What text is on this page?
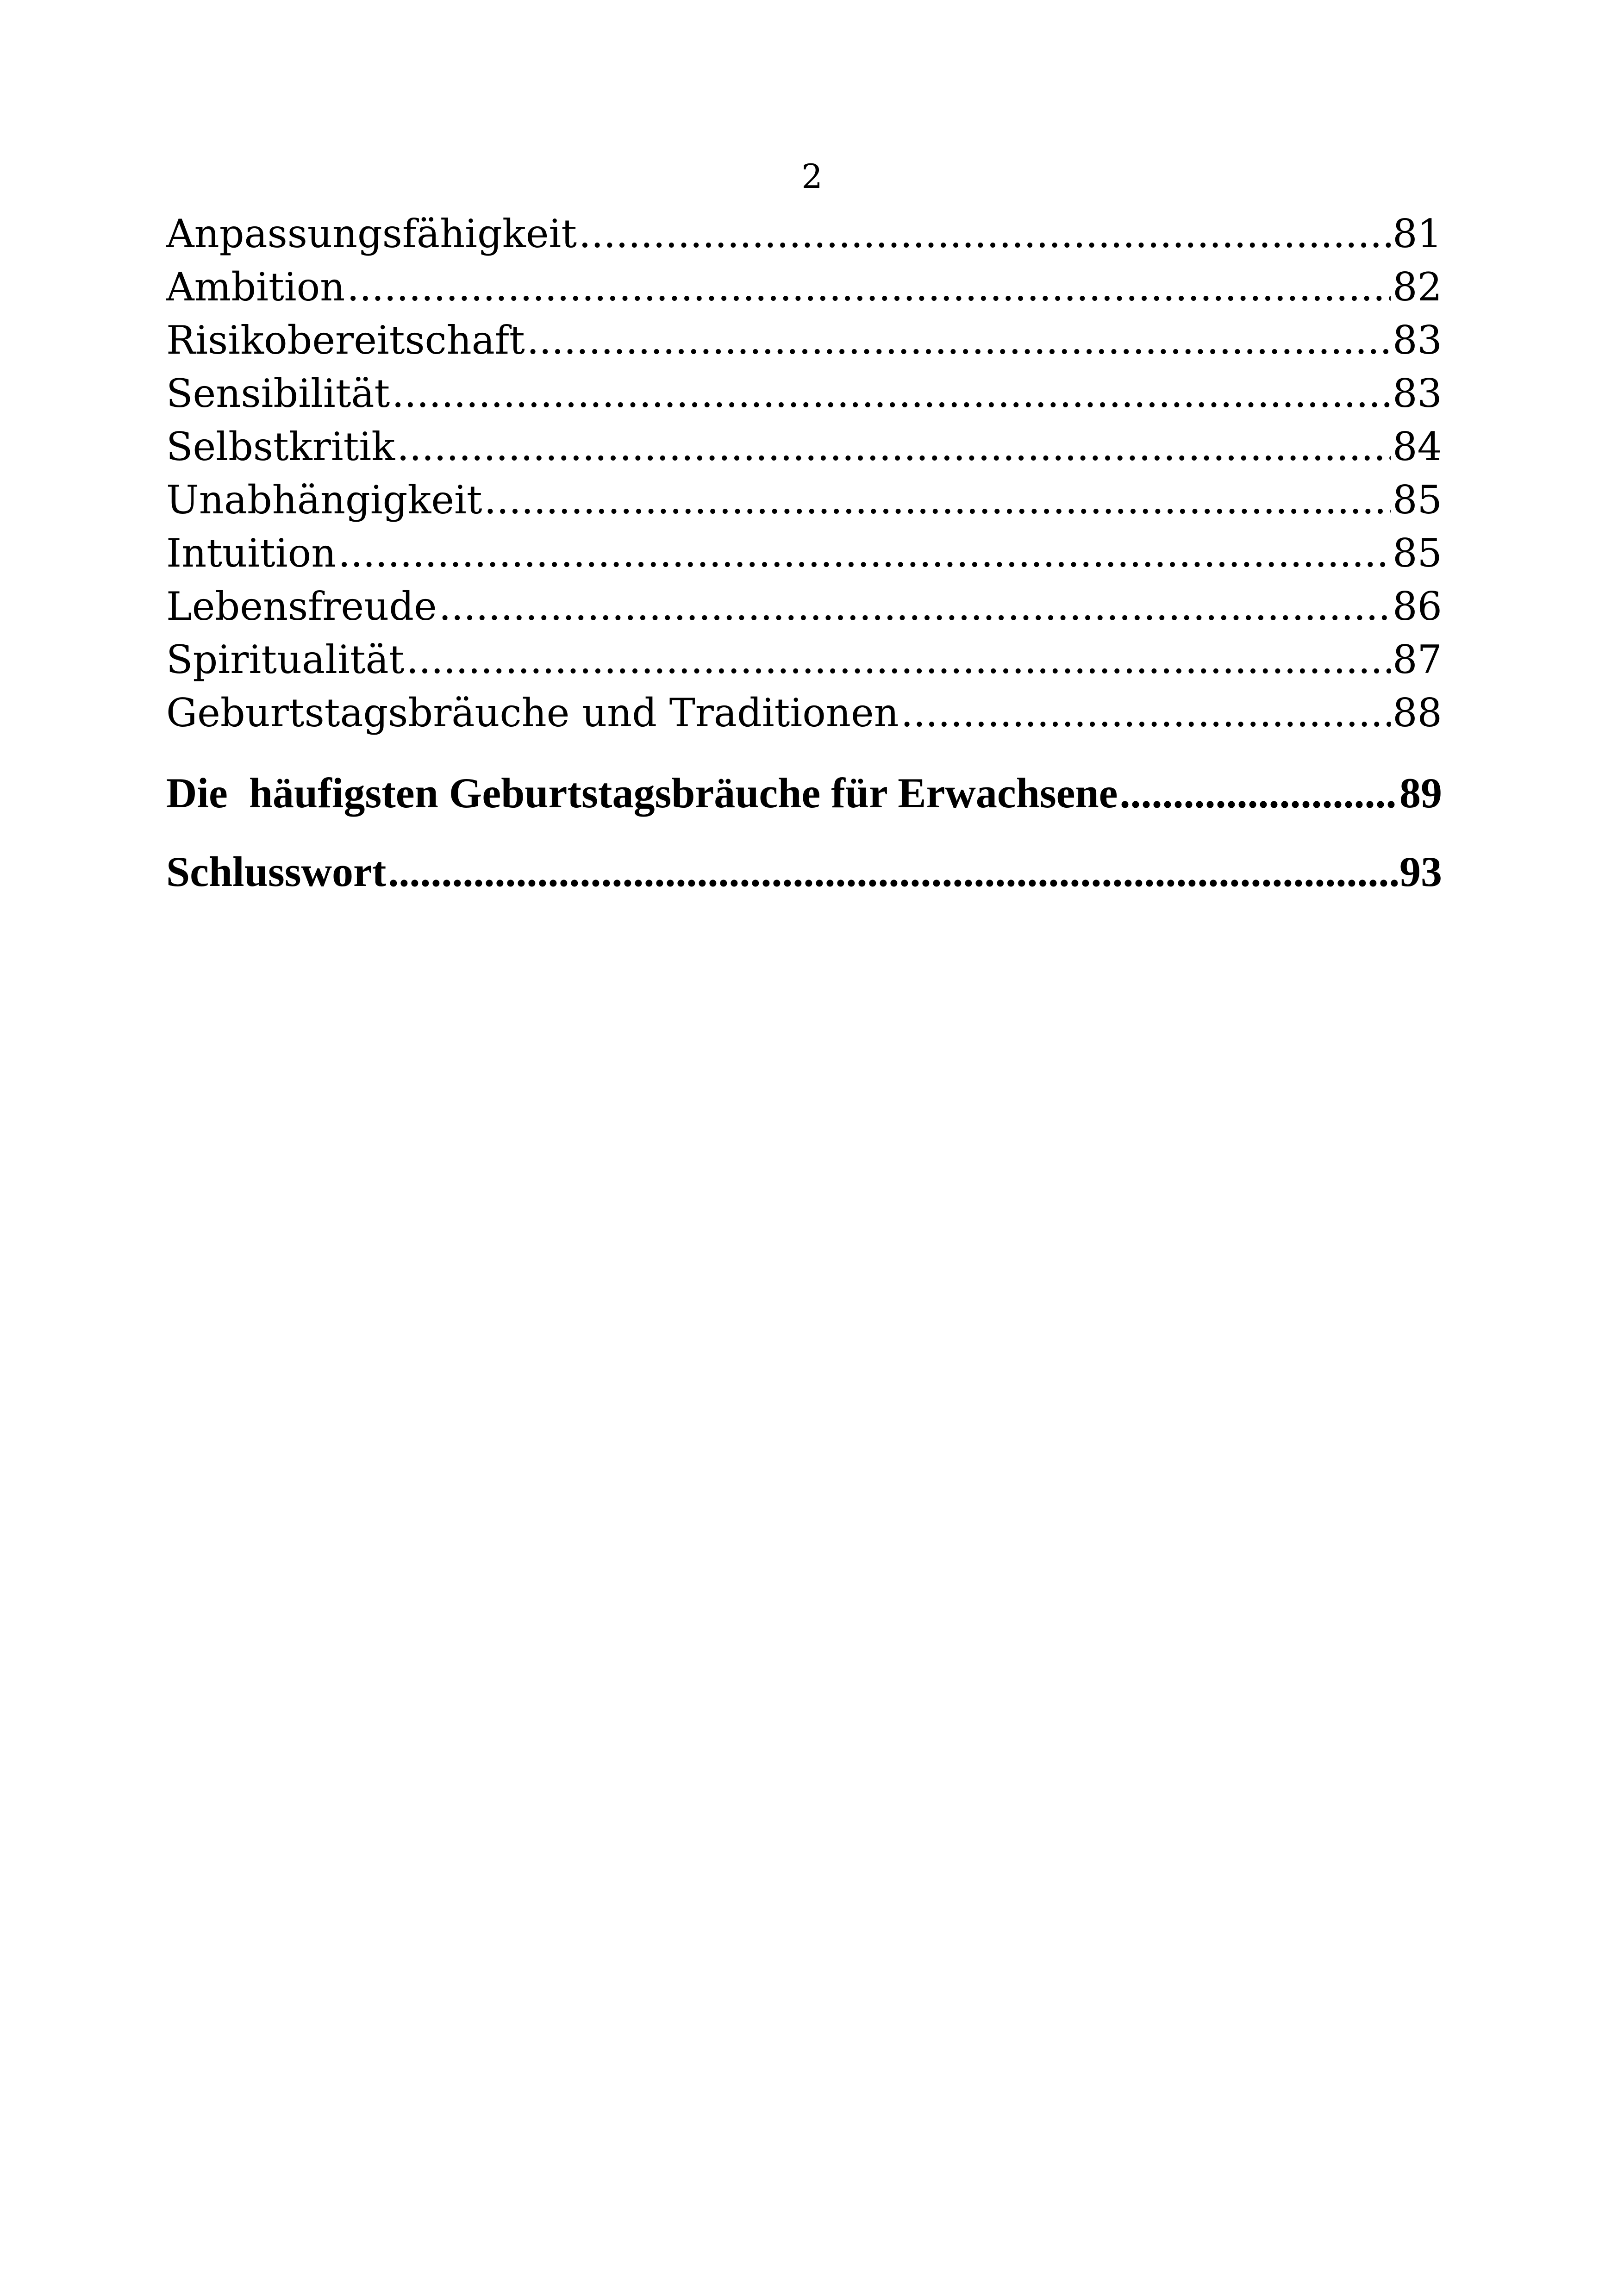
2
Anpassungsfähigkeit .....	81
Ambition .....	82
Risikobereitschaft .....	83
Sensibilität .....	83
Selbstkritik .....	84
Unabhängigkeit .....	85
Intuition .....	85
Lebensfreude .....	86
Spiritualität .....	87
Geburtstagsbräuche und Traditionen .....	88
Die  häufigsten Geburtstagsbräuche für Erwachsene .....	89
Schlusswort .....	93
